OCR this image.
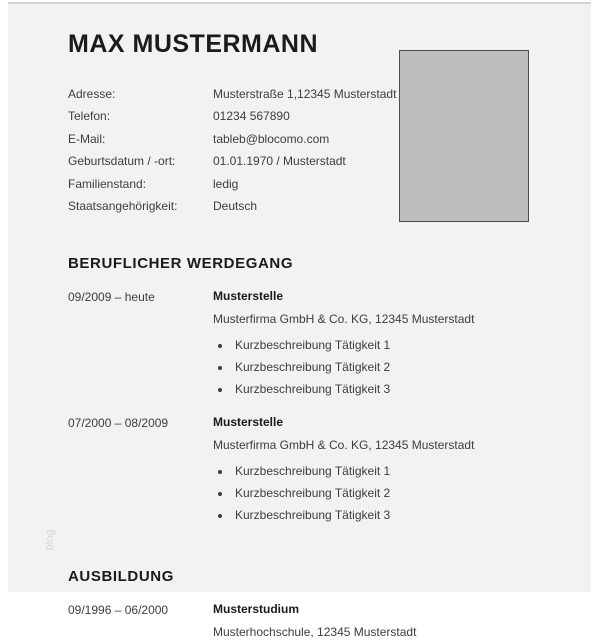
MAX MUSTERMANN
Adresse:	Musterstraße 1,12345 Musterstadt
Telefon:	01234 567890
E-Mail:	tableb@blocomo.com
Geburtsdatum / -ort:	01.01.1970 / Musterstadt
Familienstand:	ledig
Staatsangehörigkeit:	Deutsch
BERUFLICHER WERDEGANG
09/2009 – heute	Musterstelle
Musterfirma GmbH & Co. KG, 12345 Musterstadt
• Kurzbeschreibung Tätigkeit 1
• Kurzbeschreibung Tätigkeit 2
• Kurzbeschreibung Tätigkeit 3
07/2000 – 08/2009	Musterstelle
Musterfirma GmbH & Co. KG, 12345 Musterstadt
• Kurzbeschreibung Tätigkeit 1
• Kurzbeschreibung Tätigkeit 2
• Kurzbeschreibung Tätigkeit 3
AUSBILDUNG
09/1996 – 06/2000	Musterstudium
Musterhochschule, 12345 Musterstadt
blog
